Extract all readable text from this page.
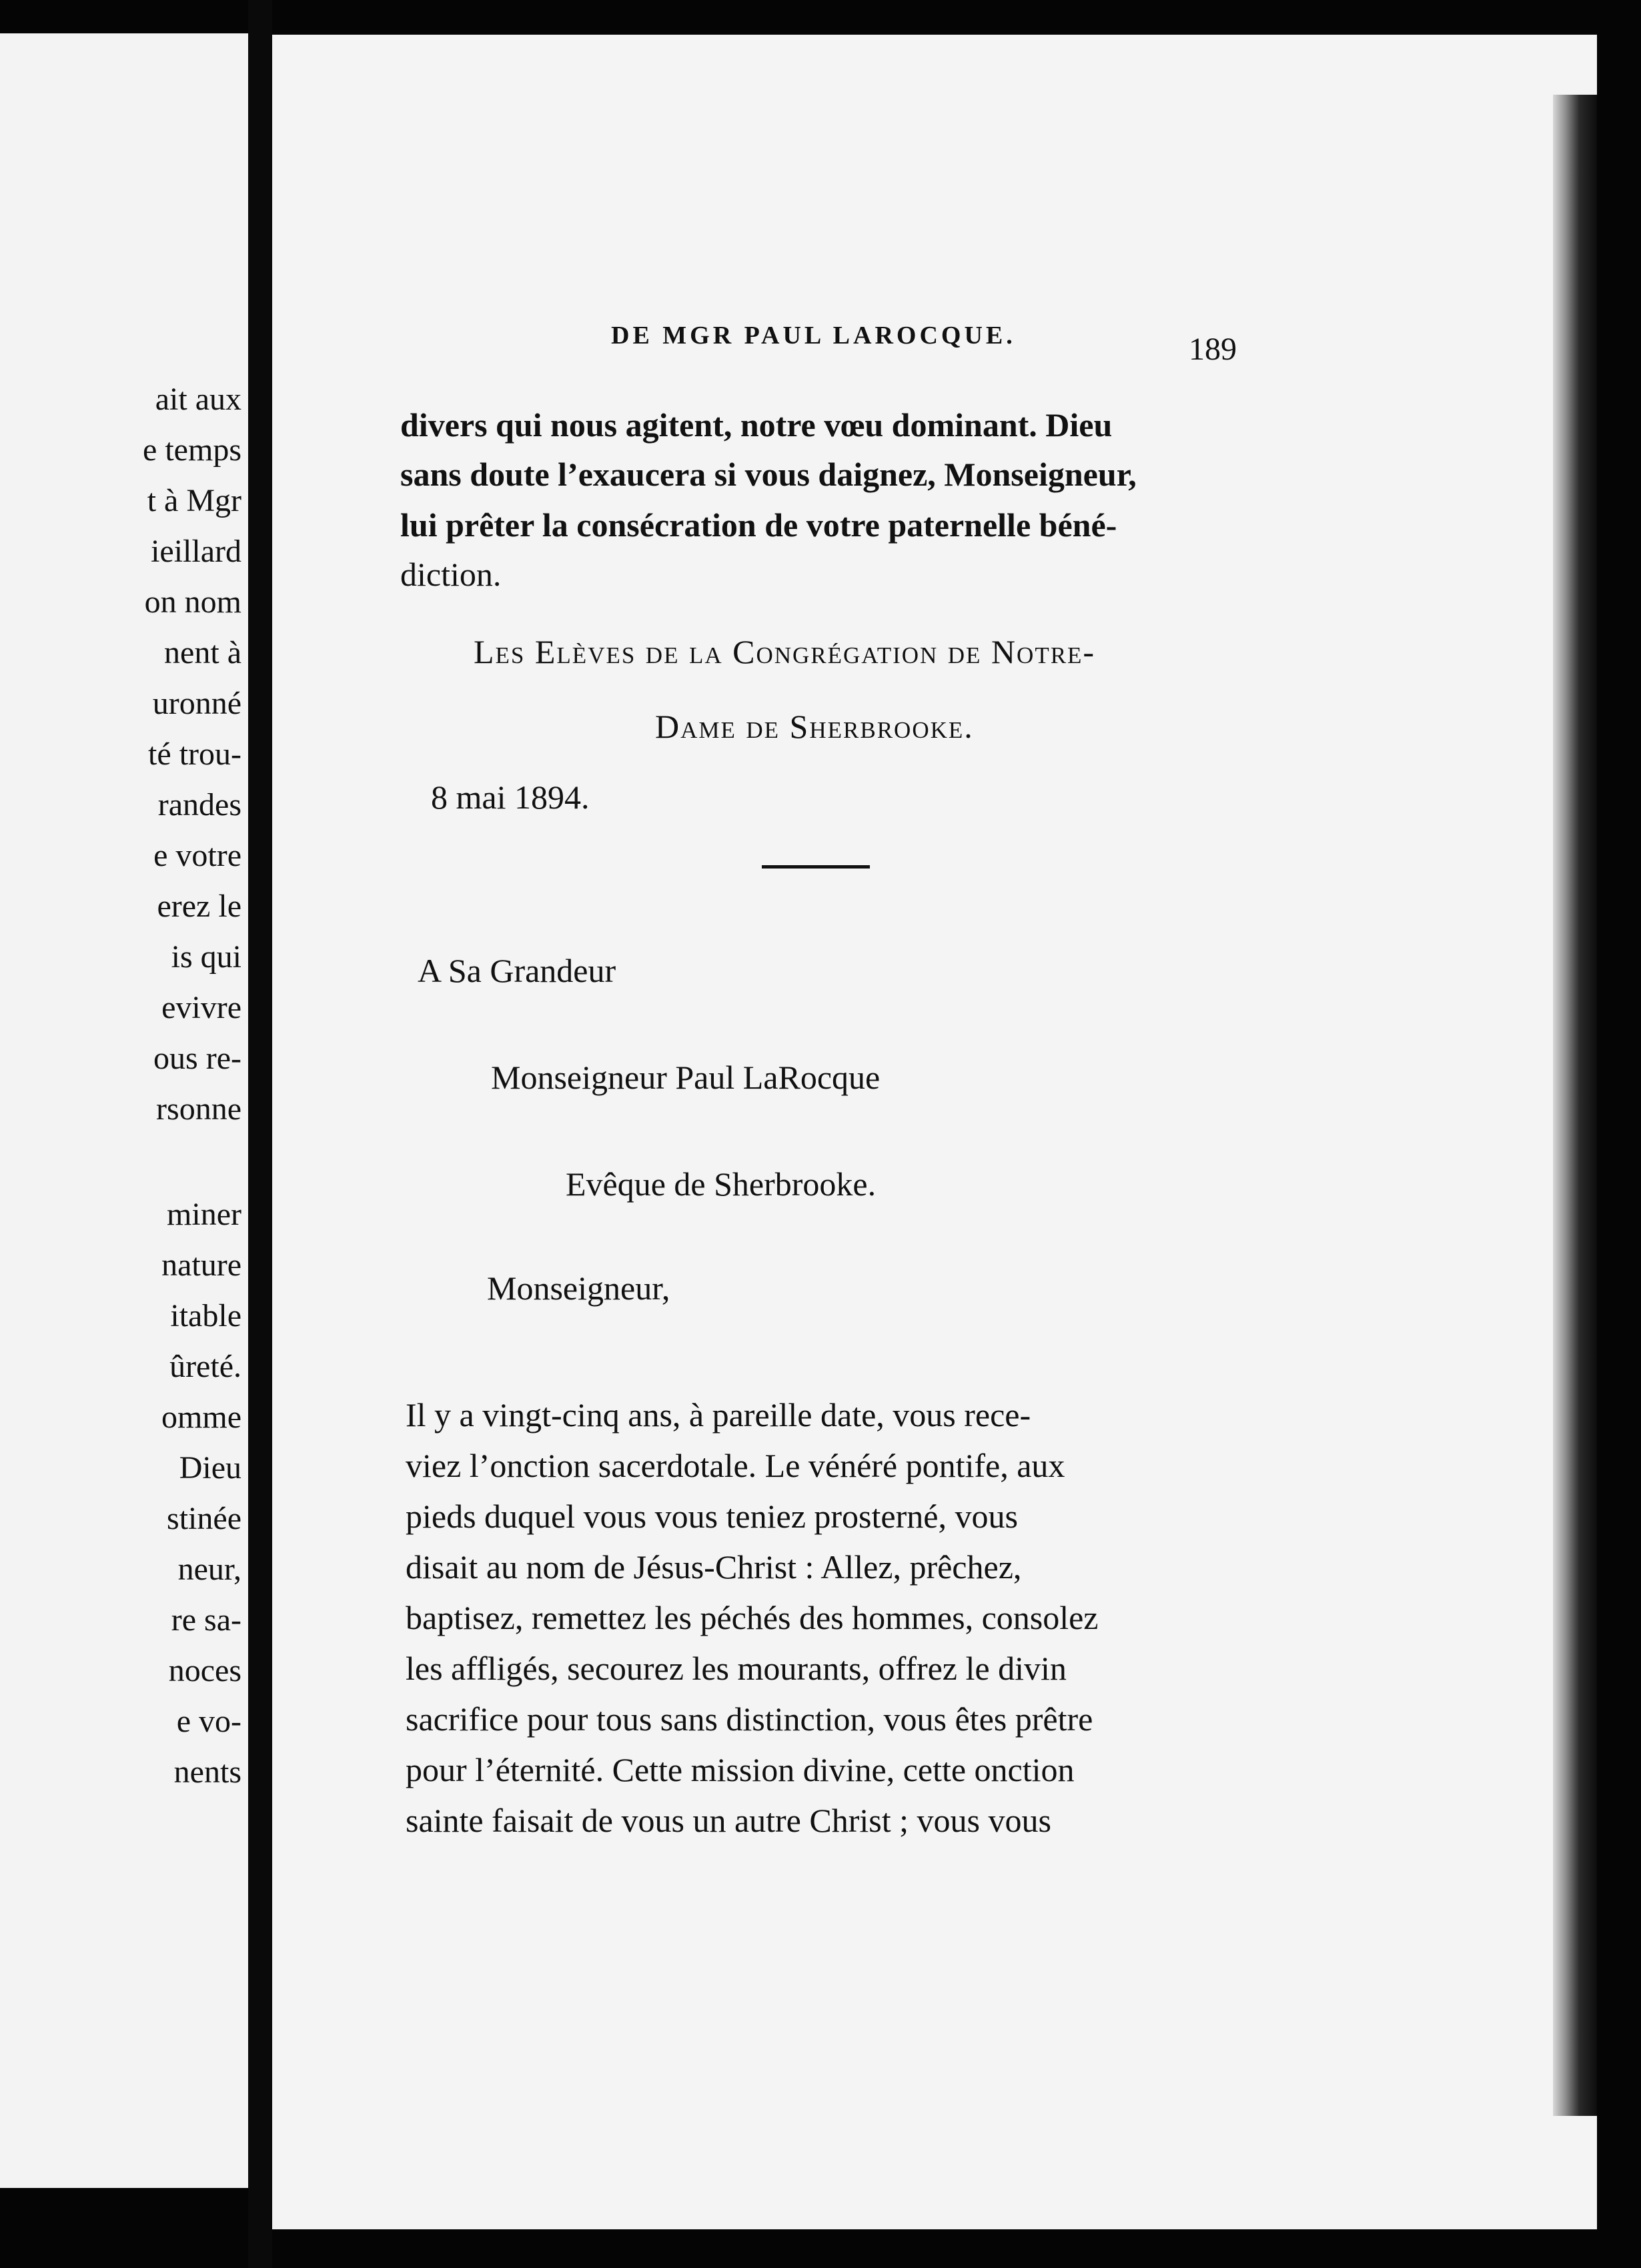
ait aux
e temps
t à Mgr
ieillard
on nom
nent à
uronné
té trou-
randes
e votre
erez le
is qui
evivre
ous re-
rsonne
miner
nature
itable
ûreté.
omme
Dieu
stinée
neur,
re sa-
noces
e vo-
nents
DE MGR PAUL LAROCQUE.	189
divers qui nous agitent, notre vœu dominant. Dieu
sans doute l’exaucera si vous daignez, Monseigneur,
lui prêter la consécration de votre paternelle béné-
diction.
Les Elèves de la Congrégation de Notre-
Dame de Sherbrooke.
8 mai 1894.
A Sa Grandeur
Monseigneur Paul LaRocque
Evêque de Sherbrooke.
Monseigneur,
Il y a vingt-cinq ans, à pareille date, vous rece-
viez l’onction sacerdotale. Le vénéré pontife, aux
pieds duquel vous vous teniez prosterné, vous
disait au nom de Jésus-Christ : Allez, prêchez,
baptisez, remettez les péchés des hommes, consolez
les affligés, secourez les mourants, offrez le divin
sacrifice pour tous sans distinction, vous êtes prêtre
pour l’éternité. Cette mission divine, cette onction
sainte faisait de vous un autre Christ ; vous vous
